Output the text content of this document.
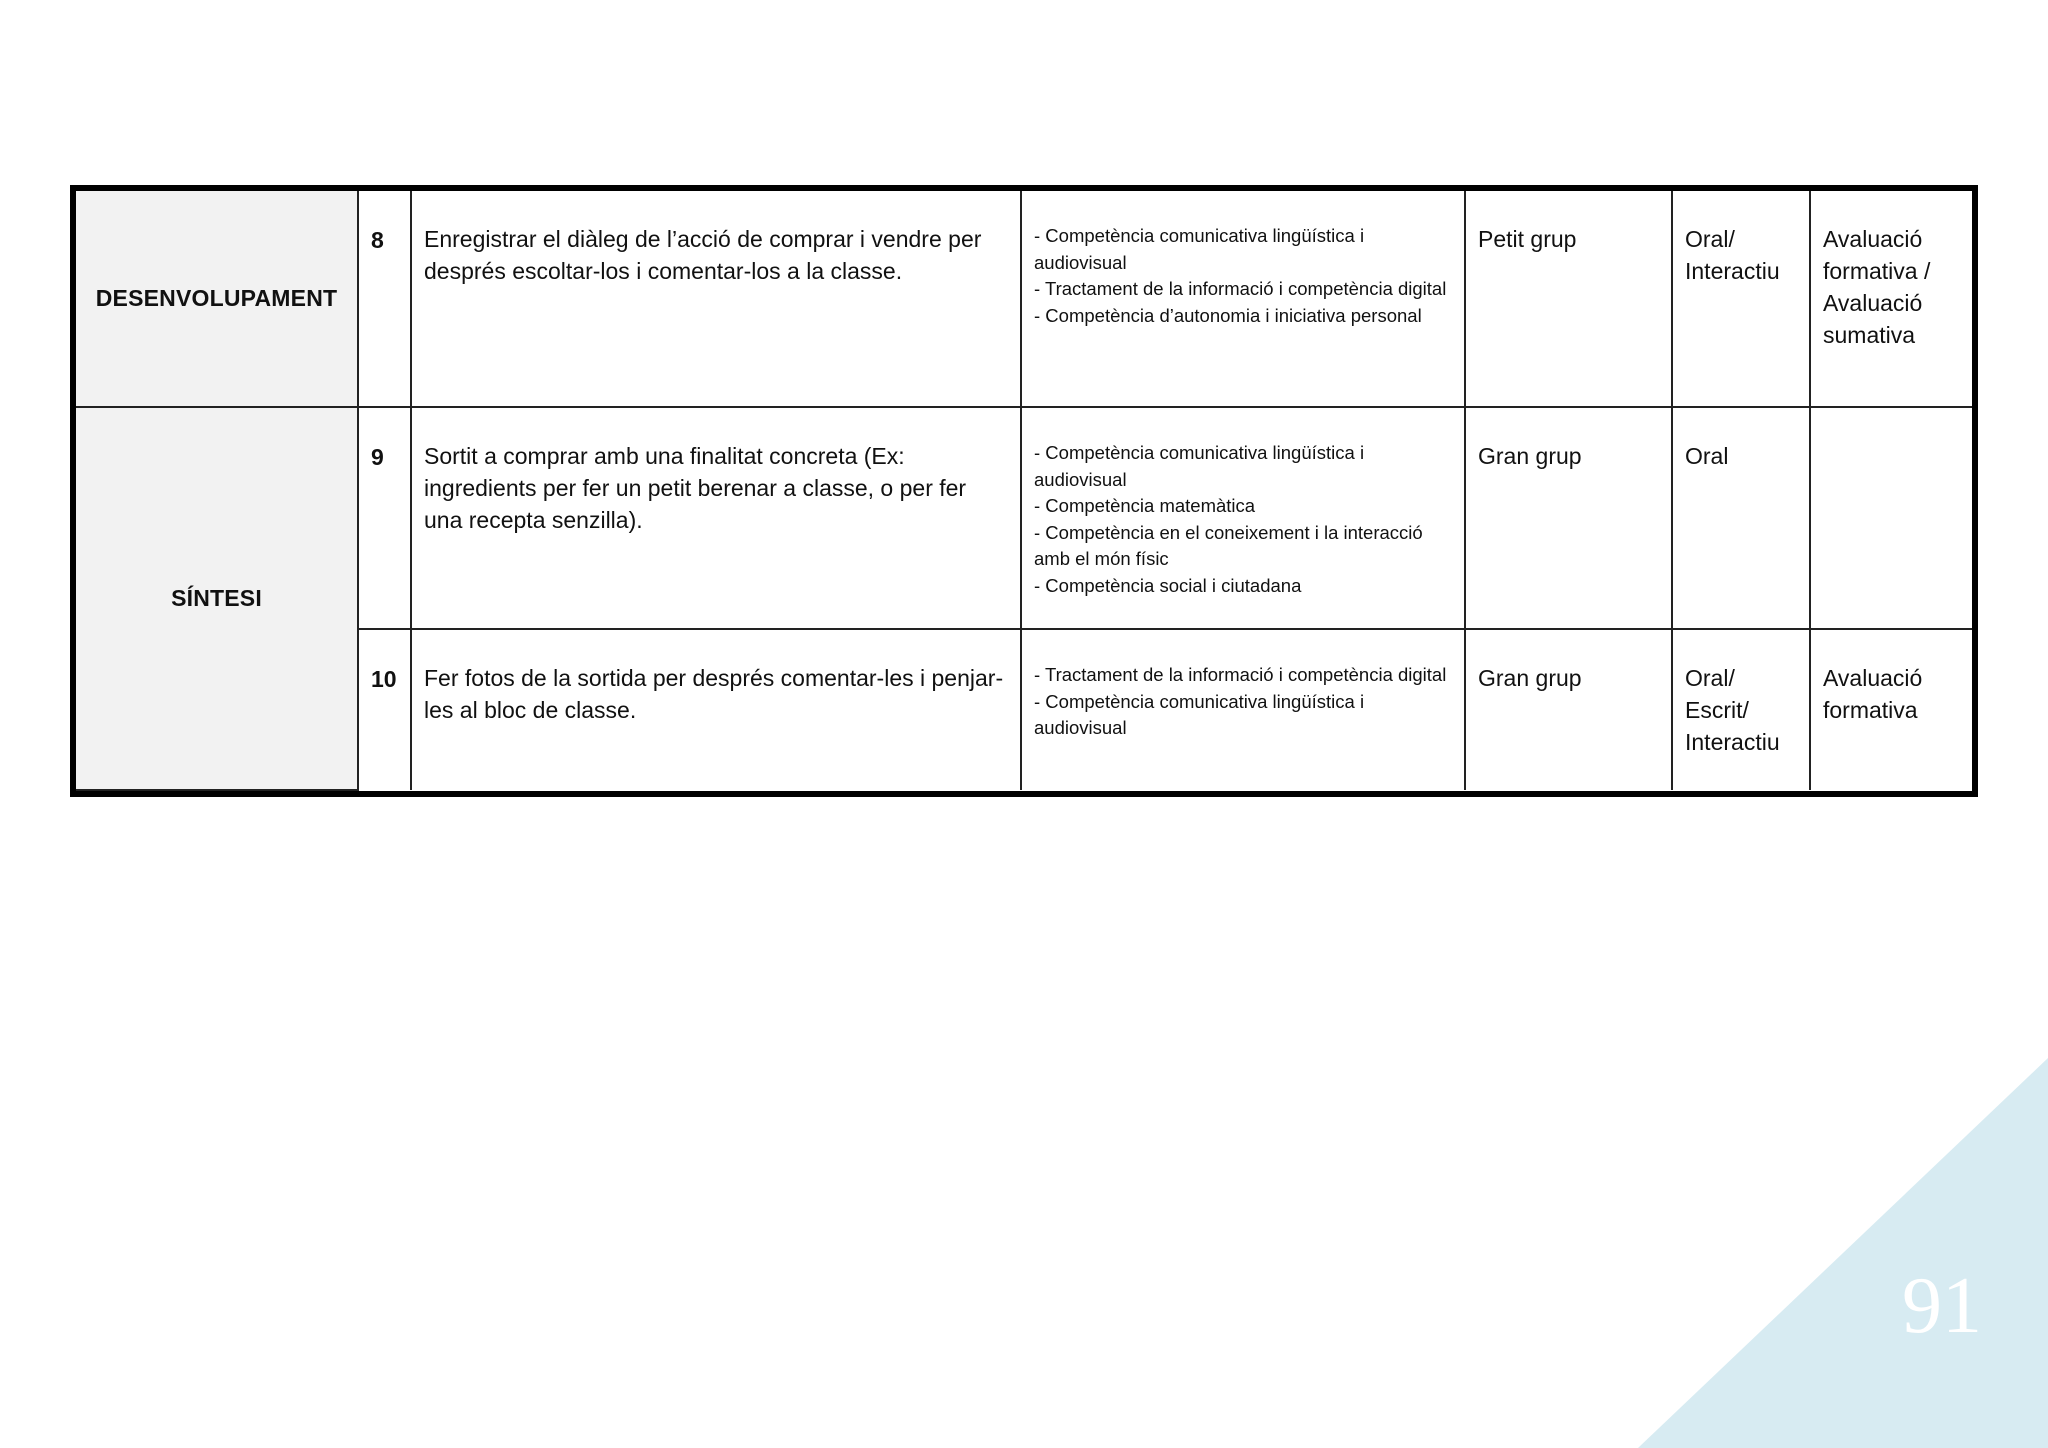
91
DESENVOLUPAMENT	8	Enregistrar el diàleg de l’acció de comprar i vendre per després escoltar-los i comentar-los a la classe.	- Competència comunicativa lingüística i audiovisual
- Tractament de la informació i competència digital
- Competència d’autonomia i iniciativa personal	Petit grup	Oral/
Interactiu	Avaluació
formativa /
Avaluació
sumativa

SÍNTESI	9	Sortit a comprar amb una finalitat concreta (Ex: ingredients per fer un petit berenar a classe, o per fer una recepta senzilla).	- Competència comunicativa lingüística i audiovisual
- Competència matemàtica
- Competència en el coneixement i la interacció amb el món físic
- Competència social i ciutadana	Gran grup	Oral	

	10	Fer fotos de la sortida per després comentar-les i penjar-les al bloc de classe.	- Tractament de la informació i competència digital
- Competència comunicativa lingüística i audiovisual	Gran grup	Oral/
Escrit/
Interactiu	Avaluació
formativa
